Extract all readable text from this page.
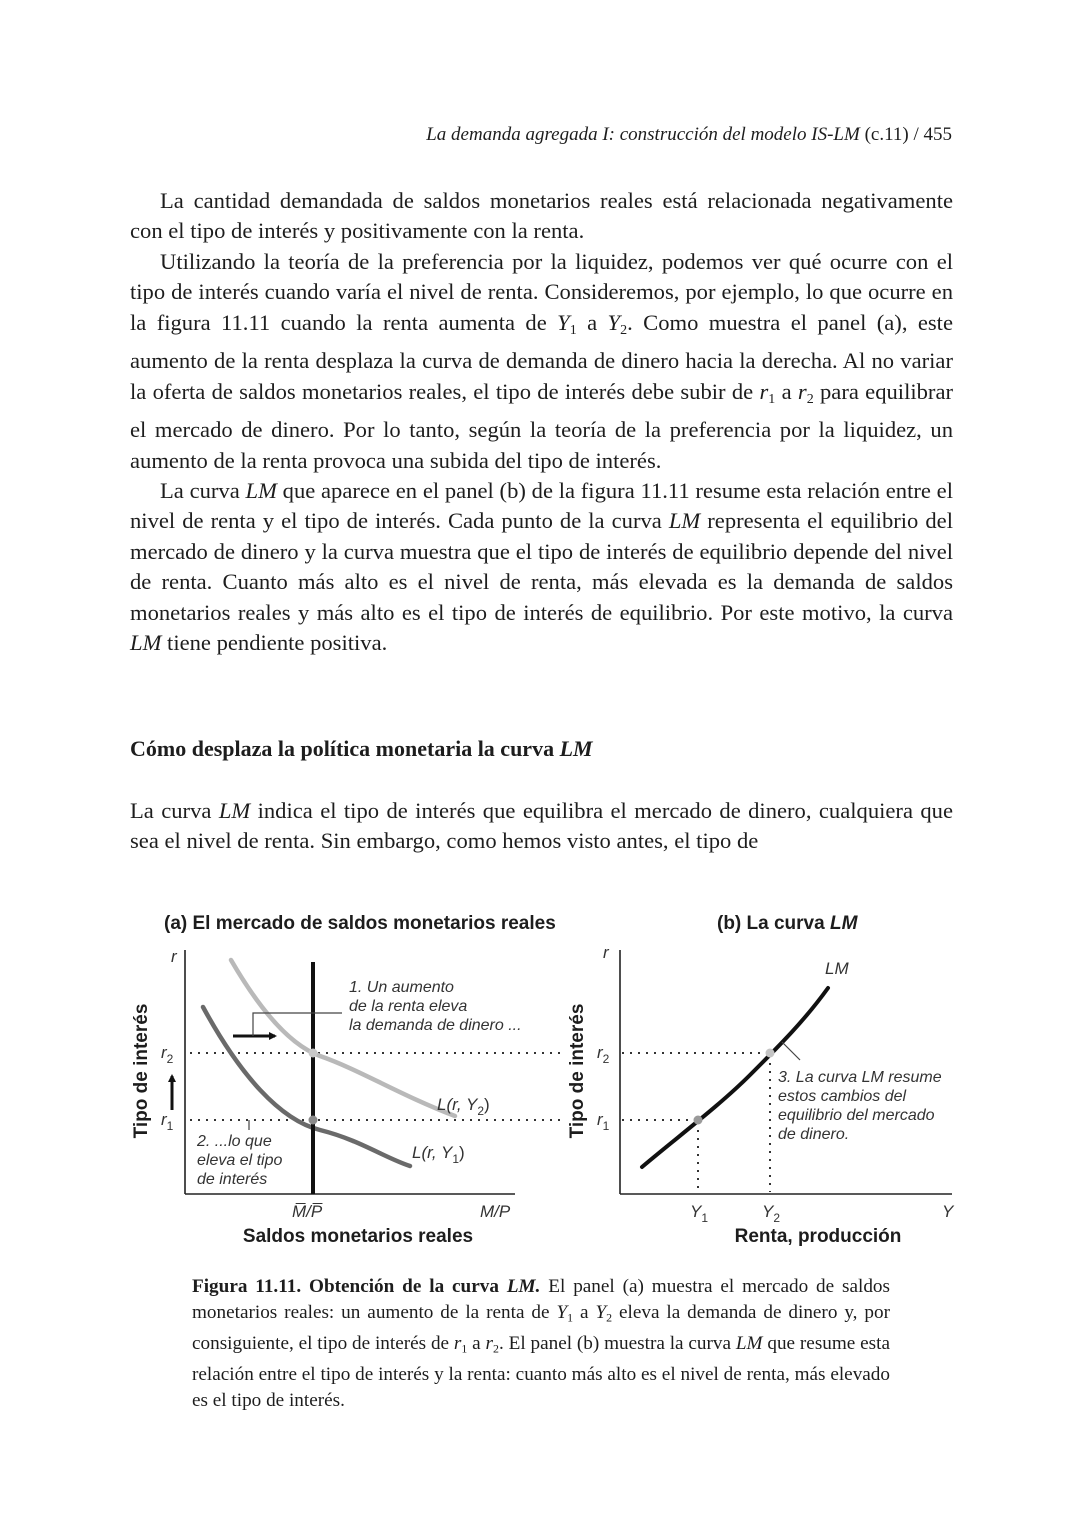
La demanda agregada I: construcción del modelo IS-LM (c.11) / 455

La cantidad demandada de saldos monetarios reales está relacionada negativamente con el tipo de interés y positivamente con la renta.

Utilizando la teoría de la preferencia por la liquidez, podemos ver qué ocurre con el tipo de interés cuando varía el nivel de renta. Consideremos, por ejemplo, lo que ocurre en la figura 11.11 cuando la renta aumenta de $Y_1$ a $Y_2$. Como muestra el panel (a), este aumento de la renta desplaza la curva de demanda de dinero hacia la derecha. Al no variar la oferta de saldos monetarios reales, el tipo de interés debe subir de $r_1$ a $r_2$ para equilibrar el mercado de dinero. Por lo tanto, según la teoría de la preferencia por la liquidez, un aumento de la renta provoca una subida del tipo de interés.

La curva LM que aparece en el panel (b) de la figura 11.11 resume esta relación entre el nivel de renta y el tipo de interés. Cada punto de la curva LM representa el equilibrio del mercado de dinero y la curva muestra que el tipo de interés de equilibrio depende del nivel de renta. Cuanto más alto es el nivel de renta, más elevada es la demanda de saldos monetarios reales y más alto es el tipo de interés de equilibrio. Por este motivo, la curva LM tiene pendiente positiva.

Cómo desplaza la política monetaria la curva LM

La curva LM indica el tipo de interés que equilibra el mercado de dinero, cualquiera que sea el nivel de renta. Sin embargo, como hemos visto antes, el tipo de

(a) El mercado de saldos monetarios reales
r
M/P
Tipo de interés
Saldos monetarios reales
$r_2$
$r_1$
1. Un aumento de la renta eleva la demanda de dinero ...
2. ...lo que eleva el tipo de interés
L(r, $Y_2$)
L(r, $Y_1$)
M̅/P̅
(b) La curva LM
r
Y
Tipo de interés
Renta, producción
$r_2$
$r_1$
LM
3. La curva LM resume estos cambios del equilibrio del mercado de dinero.
$Y_1$	$Y_2$

Figura 11.11. Obtención de la curva LM. El panel (a) muestra el mercado de saldos monetarios reales: un aumento de la renta de $Y_1$ a $Y_2$ eleva la demanda de dinero y, por consiguiente, el tipo de interés de $r_1$ a $r_2$. El panel (b) muestra la curva LM que resume esta relación entre el tipo de interés y la renta: cuanto más alto es el nivel de renta, más elevado es el tipo de interés.
